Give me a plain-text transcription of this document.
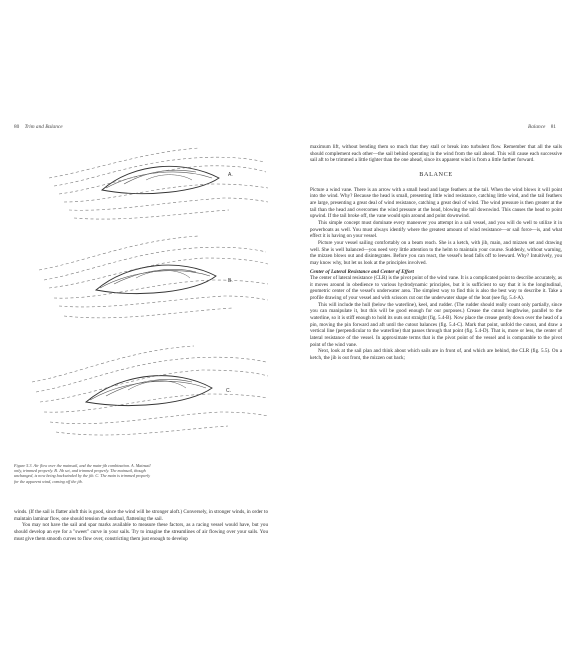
80 Trim and Balance
A.
B.
C.
Figure 5.3. Air flow over the mainsail, and the main-jib combination. A. Mainsail only, trimmed properly. B. Jib set, and trimmed properly. The mainsail, though unchanged, is now being backwinded by the jib. C. The main is trimmed properly for the apparent wind, coming off the jib.

winds. (If the sail is flatter aloft this is good, since the wind will be stronger aloft.) Conversely, in stronger winds, in order to maintain laminar flow, one should tension the outhaul, flattening the sail.

You may not have the sail and spar marks available to measure these factors, as a racing vessel would have, but you should develop an eye for a "sweet" curve in your sails. Try to imagine the streamlines of air flowing over your sails. You must give them smooth curves to flow over, constricting them just enough to develop

Balance 81

maximum lift, without bending them so much that they stall or break into turbulent flow. Remember that all the sails should complement each other—the sail behind operating in the wind from the sail ahead. This will cause each successive sail aft to be trimmed a little tighter than the one ahead, since its apparent wind is from a little farther forward.

BALANCE

Picture a wind vane. There is an arrow with a small head and large feathers at the tail. When the wind blows it will point into the wind. Why? Because the head is small, presenting little wind resistance, catching little wind, and the tail feathers are large, presenting a great deal of wind resistance, catching a great deal of wind. The wind pressure is then greater at the tail than the head and overcomes the wind pressure at the head, blowing the tail downwind. This causes the head to point upwind. If the tail broke off, the vane would spin around and point downwind.

This simple concept must dominate every maneuver you attempt in a sail vessel, and you will do well to utilize it in powerboats as well. You must always identify where the greatest amount of wind resistance—or sail force—is, and what effect it is having on your vessel.

Picture your vessel sailing comfortably on a beam reach. She is a ketch, with jib, main, and mizzen set and drawing well. She is well balanced—you need very little attention to the helm to maintain your course. Suddenly, without warning, the mizzen blows out and disintegrates. Before you can react, the vessel's head falls off to leeward. Why? Intuitively, you may know why, but let us look at the principles involved.

Center of Lateral Resistance and Center of Effort

The center of lateral resistance (CLR) is the pivot point of the wind vane. It is a complicated point to describe accurately, as it moves around in obedience to various hydrodynamic principles, but it is sufficient to say that it is the longitudinal, geometric center of the vessel's underwater area. The simplest way to find this is also the best way to describe it. Take a profile drawing of your vessel and with scissors cut out the underwater shape of the boat (see fig. 5.4-A).

This will include the hull (below the waterline), keel, and rudder. (The rudder should really count only partially, since you can manipulate it, but this will be good enough for our purposes.) Crease the cutout lengthwise, parallel to the waterline, so it is stiff enough to hold its outs out straight (fig. 5.4-B). Now place the crease gently down over the head of a pin, moving the pin forward and aft until the cutout balances (fig. 5.4-C). Mark that point, unfold the cutout, and draw a vertical line (perpendicular to the waterline) that passes through that point (fig. 5.4-D). That is, more or less, the center of lateral resistance of the vessel. In approximate terms that is the pivot point of the vessel and is comparable to the pivot point of the wind vane.

Next, look at the sail plan and think about which sails are in front of, and which are behind, the CLR (fig. 5.5). On a ketch, the jib is out front, the mizzen out back;
